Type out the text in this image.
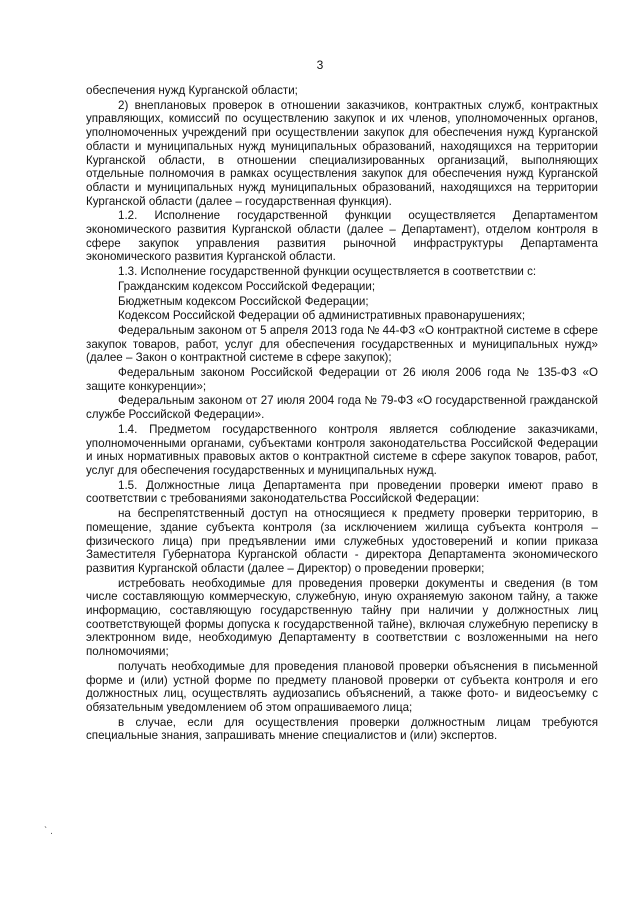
3

обеспечения нужд Курганской области;

2) внеплановых проверок в отношении заказчиков, контрактных служб, контрактных управляющих, комиссий по осуществлению закупок и их членов, уполномоченных органов, уполномоченных учреждений при осуществлении закупок для обеспечения нужд Курганской области и муниципальных нужд муниципальных образований, находящихся на территории Курганской области, в отношении специализированных организаций, выполняющих отдельные полномочия в рамках осуществления закупок для обеспечения нужд Курганской области и муниципальных нужд муниципальных образований, находящихся на территории Курганской области (далее – государственная функция).

1.2. Исполнение государственной функции осуществляется Департаментом экономического развития Курганской области (далее – Департамент), отделом контроля в сфере закупок управления развития рыночной инфраструктуры Департамента экономического развития Курганской области.

1.3. Исполнение государственной функции осуществляется в соответствии с:

Гражданским кодексом Российской Федерации;

Бюджетным кодексом Российской Федерации;

Кодексом Российской Федерации об административных правонарушениях;

Федеральным законом от 5 апреля 2013 года № 44-ФЗ «О контрактной системе в сфере закупок товаров, работ, услуг для обеспечения государственных и муниципальных нужд» (далее – Закон о контрактной системе в сфере закупок);

Федеральным законом Российской Федерации от 26 июля 2006 года № 135-ФЗ «О защите конкуренции»;

Федеральным законом от 27 июля 2004 года № 79-ФЗ «О государственной гражданской службе Российской Федерации».

1.4. Предметом государственного контроля является соблюдение заказчиками, уполномоченными органами, субъектами контроля законодательства Российской Федерации и иных нормативных правовых актов о контрактной системе в сфере закупок товаров, работ, услуг для обеспечения государственных и муниципальных нужд.

1.5. Должностные лица Департамента при проведении проверки имеют право в соответствии с требованиями законодательства Российской Федерации:

на беспрепятственный доступ на относящиеся к предмету проверки территорию, в помещение, здание субъекта контроля (за исключением жилища субъекта контроля – физического лица) при предъявлении ими служебных удостоверений и копии приказа Заместителя Губернатора Курганской области - директора Департамента экономического развития Курганской области (далее – Директор) о проведении проверки;

истребовать необходимые для проведения проверки документы и сведения (в том числе составляющую коммерческую, служебную, иную охраняемую законом тайну, а также информацию, составляющую государственную тайну при наличии у должностных лиц соответствующей формы допуска к государственной тайне), включая служебную переписку в электронном виде, необходимую Департаменту в соответствии с возложенными на него полномочиями;

получать необходимые для проведения плановой проверки объяснения в письменной форме и (или) устной форме по предмету плановой проверки от субъекта контроля и его должностных лиц, осуществлять аудиозапись объяснений, а также фото- и видеосъемку с обязательным уведомлением об этом опрашиваемого лица;

в случае, если для осуществления проверки должностным лицам требуются специальные знания, запрашивать мнение специалистов и (или) экспертов.

ˋ .
